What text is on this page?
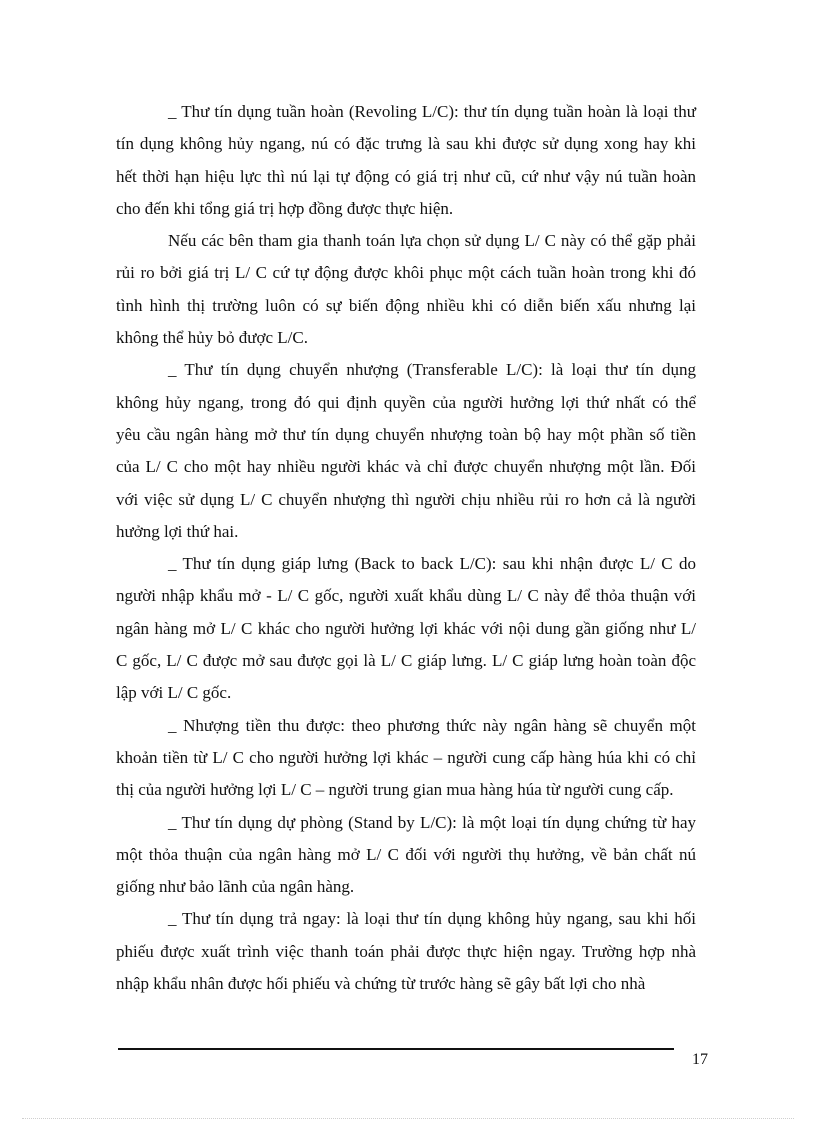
_ Thư tín dụng tuần hoàn (Revoling L/C): thư tín dụng tuần hoàn là loại thư
tín dụng không hủy ngang, nú có đặc trưng là sau khi được sử dụng xong hay khi
hết thời hạn hiệu lực thì nú lại tự động có giá trị như cũ, cứ như vậy nú tuần hoàn
cho đến khi tổng giá trị hợp đồng được thực hiện.
Nếu các bên tham gia thanh toán lựa chọn sử dụng L/ C này có thể gặp phải
rủi ro bởi giá trị L/ C cứ tự động được khôi phục một cách tuần hoàn trong khi đó
tình hình thị trường luôn có sự biến động nhiều khi có diễn biến xấu nhưng lại
không thể hủy bỏ được L/C.
_ Thư tín dụng chuyển nhượng (Transferable L/C): là loại thư tín dụng
không hủy ngang, trong đó qui định quyền của người hưởng lợi thứ nhất có thể
yêu cầu ngân hàng mở thư tín dụng chuyển nhượng toàn bộ hay một phần số tiền
của L/ C cho một hay nhiều người khác và chỉ được chuyển nhượng một lần. Đối
với việc sử dụng L/ C chuyển nhượng thì người chịu nhiều rủi ro hơn cả là người
hưởng lợi thứ hai.
_ Thư tín dụng giáp lưng (Back to back L/C): sau khi nhận được L/ C do
người nhập khẩu mở - L/ C gốc, người xuất khẩu dùng L/ C này để thỏa thuận với
ngân hàng mở L/ C khác cho người hưởng lợi khác với nội dung gần giống như L/
C gốc, L/ C được mở sau được gọi là L/ C giáp lưng. L/ C giáp lưng hoàn toàn độc
lập với L/ C gốc.
_ Nhượng tiền thu được: theo phương thức này ngân hàng sẽ chuyển một
khoản tiền từ L/ C cho người hưởng lợi khác – người cung cấp hàng húa khi có chỉ
thị của người hưởng lợi L/ C – người trung gian mua hàng húa từ người cung cấp.
_ Thư tín dụng dự phòng (Stand by L/C): là một loại tín dụng chứng từ hay
một thỏa thuận của ngân hàng mở L/ C đối với người thụ hưởng, về bản chất nú
giống như bảo lãnh của ngân hàng.
_ Thư tín dụng trả ngay: là loại thư tín dụng không hủy ngang, sau khi hối
phiếu được xuất trình việc thanh toán phải được thực hiện ngay. Trường hợp nhà
nhập khẩu nhân được hối phiếu và chứng từ trước hàng sẽ gây bất lợi cho nhà
17
